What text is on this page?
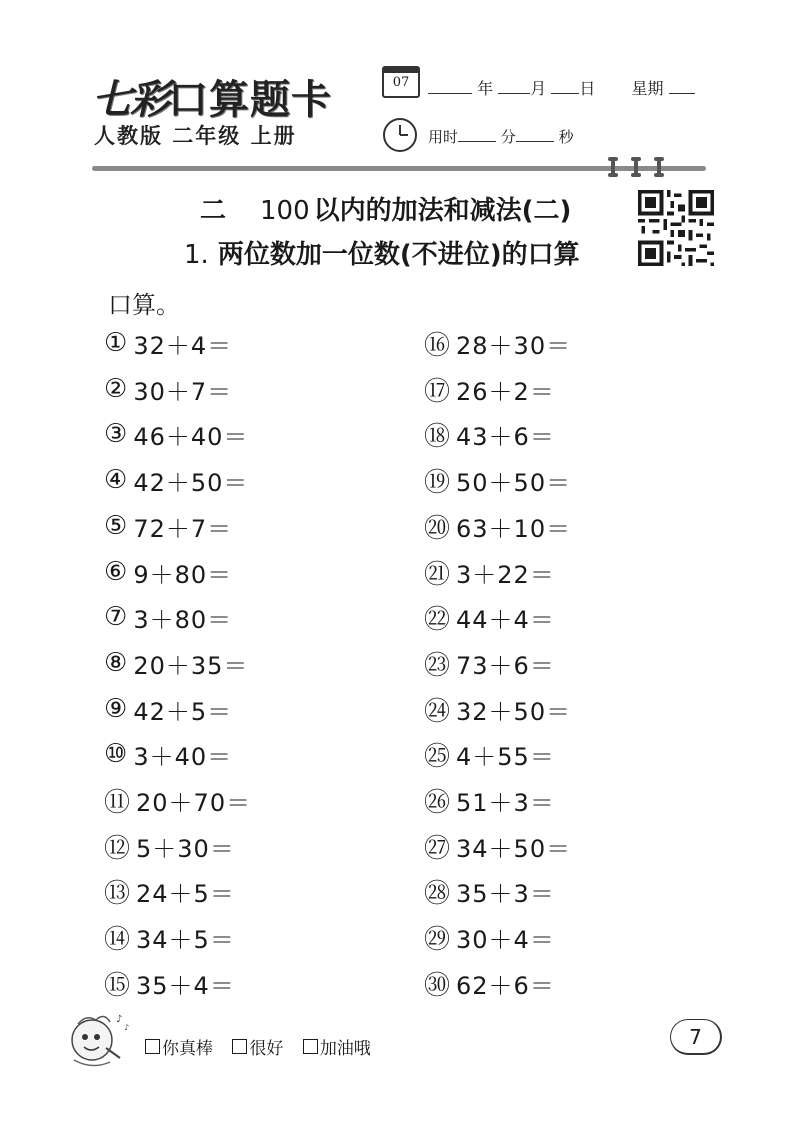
七彩口算题卡
人教版 二年级 上册
07	年 月 日 星期
用时	分	秒
二 100 以内的加法和减法(二)
1. 两位数加一位数(不进位)的口算
口算。
① 32＋4＝
② 30＋7＝
③ 46＋40＝
④ 42＋50＝
⑤ 72＋7＝
⑥ 9＋80＝
⑦ 3＋80＝
⑧ 20＋35＝
⑨ 42＋5＝
⑩ 3＋40＝
⑪ 20＋70＝
⑫ 5＋30＝
⑬ 24＋5＝
⑭ 34＋5＝
⑮ 35＋4＝
⑯ 28＋30＝
⑰ 26＋2＝
⑱ 43＋6＝
⑲ 50＋50＝
⑳ 63＋10＝
㉑ 3＋22＝
㉒ 44＋4＝
㉓ 73＋6＝
㉔ 32＋50＝
㉕ 4＋55＝
㉖ 51＋3＝
㉗ 34＋50＝
㉘ 35＋3＝
㉙ 30＋4＝
㉚ 62＋6＝
♪
♪
你真棒
很好
加油哦
7
